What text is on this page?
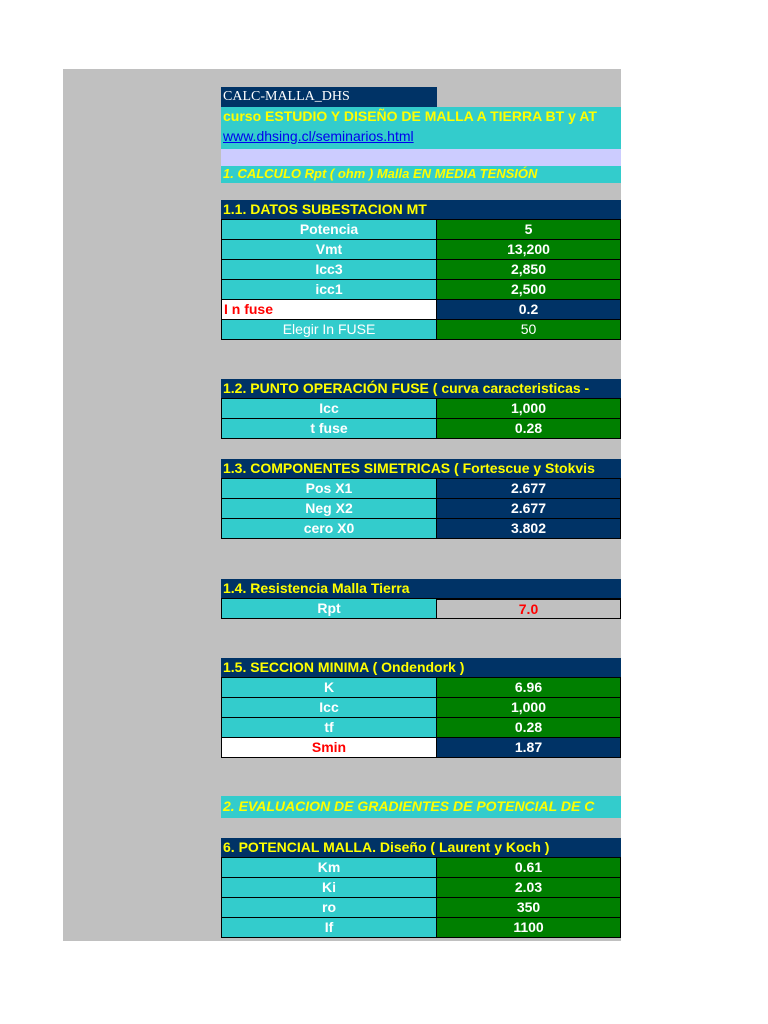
CALC-MALLA_DHS
curso ESTUDIO Y DISEÑO DE MALLA A TIERRA BT y AT
www.dhsing.cl/seminarios.html
1. CALCULO Rpt ( ohm ) Malla EN MEDIA TENSIÓN
1.1. DATOS SUBESTACION MT
Potencia	5
Vmt	13,200
Icc3	2,850
icc1	2,500
I n fuse	0.2
Elegir In FUSE	50
1.2. PUNTO OPERACIÓN FUSE ( curva caracteristicas -
Icc	1,000
t fuse	0.28
1.3. COMPONENTES SIMETRICAS ( Fortescue y Stokvis
Pos X1	2.677
Neg X2	2.677
cero X0	3.802
1.4. Resistencia Malla Tierra
Rpt	7.0
1.5. SECCION MINIMA ( Ondendork )
K	6.96
Icc	1,000
tf	0.28
Smin	1.87
2. EVALUACION DE GRADIENTES DE POTENCIAL DE C
6. POTENCIAL MALLA. Diseño ( Laurent y Koch )
Km	0.61
Ki	2.03
ro	350
If	1100
